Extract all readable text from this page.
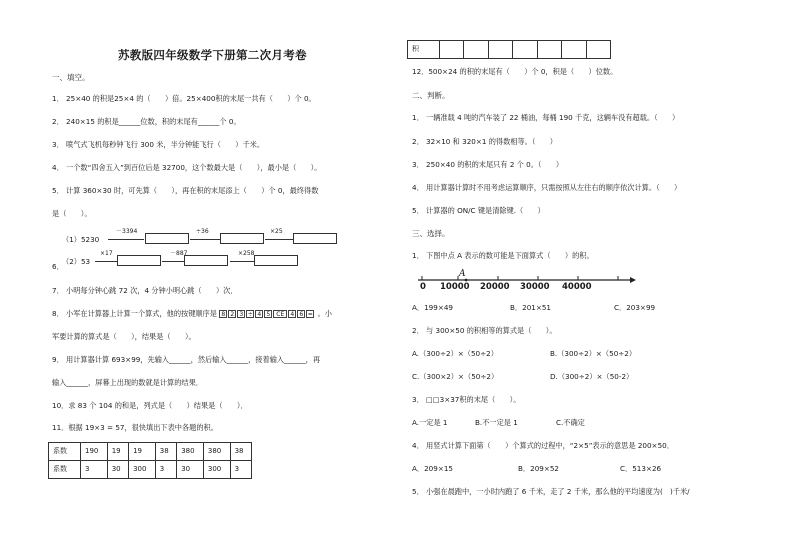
苏教版四年级数学下册第二次月考卷
一、填空。
1． 25×40 的积是25×4 的（　　）倍。25×400积的末尾一共有（　　）个 0。
2． 240×15 的积是______位数，积的末尾有______个 0。
3． 喷气式飞机每秒钟飞行 300 米，半分钟能飞行（　　）千米。
4． 一个数“四舍五入”到百位后是 32700，这个数最大是（　　），最小是（　　）。
5． 计算 360×30 时，可先算（　　），再在积的末尾添上（　　）个 0，最终得数
是（　　）。
（1）5230
－3394	÷36	×25
6．
（2）53
×17	－887	×258
7． 小明每分钟心跳 72 次，4 分钟小明心跳（　　）次．
8． 小军在计算器上计算一个算式，他的按键顺序是 8 2 3 ÷ 4 5 CE 4 6 = 。小
军要计算的算式是（　　），结果是（　　）。
9． 用计算器计算 693×99，先输入______，然后输入______，接着输入______，再
输入______，屏幕上出现的数就是计算的结果．
10．求 83 个 104 的和是，列式是（　　）结果是（　　）．
11．根据 19×3 = 57，很快填出下表中各题的积。
系数	190	19	19	38	380	380	38
系数	3	30	300	3	30	300	3
积							
12．500×24 的积的末尾有（　　）个 0，积是（　　）位数。
二、判断。
1． 一辆准载 4 吨的汽车装了 22 桶油，每桶 190 千克，这辆车没有超载。（　　）
2． 32×10 和 320×1 的得数相等。（　　）
3． 250×40 的积的末尾只有 2 个 0。（　　）
4． 用计算器计算时不用考虑运算顺序，只需按照从左往右的顺序依次计算。（　　）
5． 计算器的 ON/C 键是清除键.（　　）
三、选择。
1． 下图中点 A 表示的数可能是下面算式（　　）的积。
A
0 10000 20000 30000 40000
A．199×49	B．201×51	C．203×99
2． 与 300×50 的积相等的算式是（　　）。
A.（300÷2）×（50÷2）	B.（300÷2）×（50÷2）
C.（300×2）×（50÷2）	D.（300÷2）×（50-2）
3． □□3×37积的末尾（　　）。
A.一定是 1	B.不一定是 1	C.不确定
4． 用竖式计算下面第（　　）个算式的过程中，“2×5”表示的意思是 200×50．
A．209×15	B．209×52	C．513×26
5． 小强在晨跑中，一小时内跑了 6 千米，走了 2 千米，那么他的平均速度为(　)千米/
